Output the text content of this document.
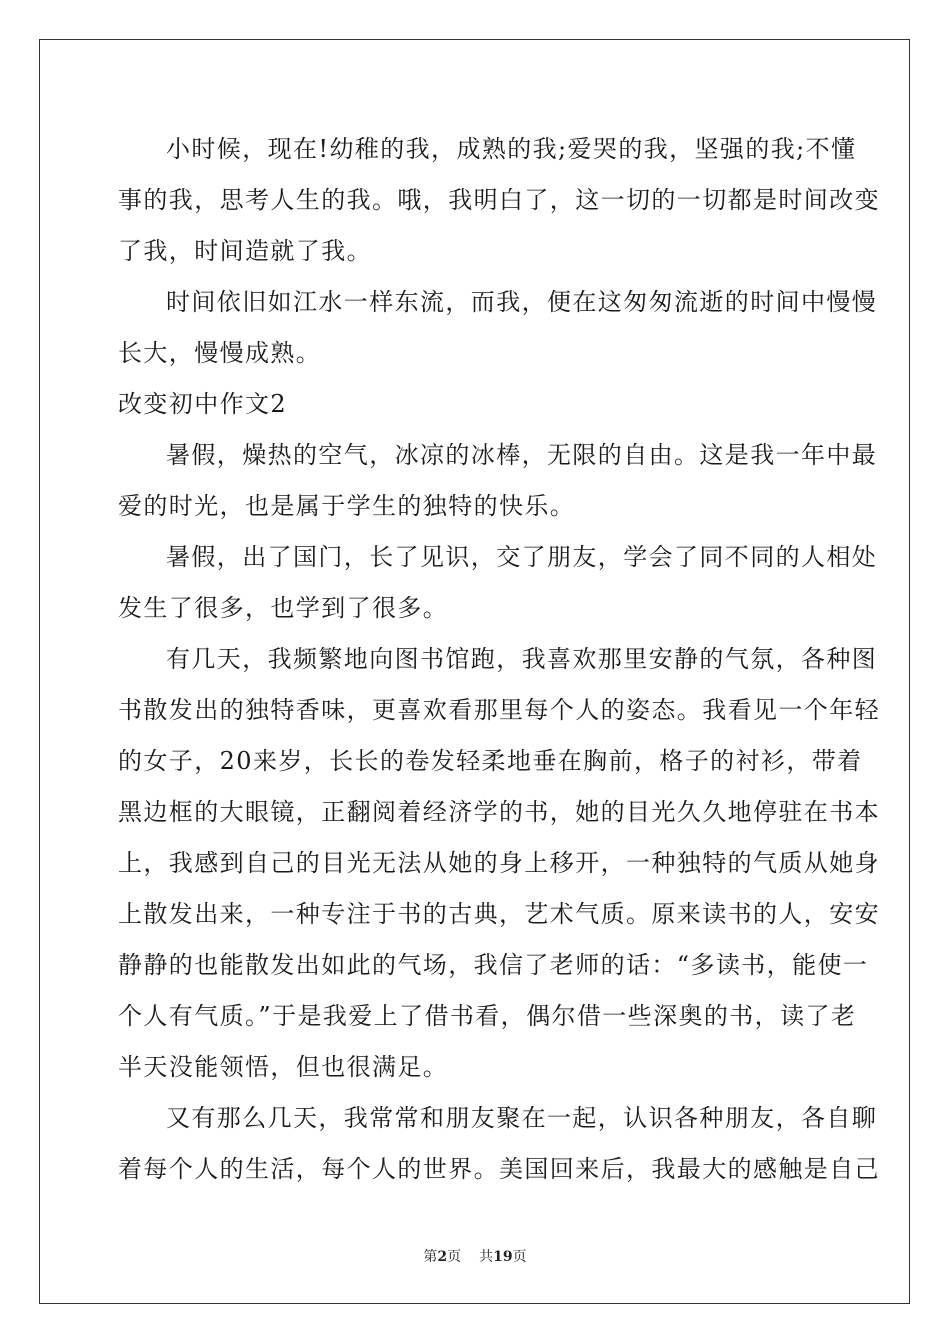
小时候，现在!幼稚的我，成熟的我;爱哭的我，坚强的我;不懂
事的我，思考人生的我。哦，我明白了，这一切的一切都是时间改变
了我，时间造就了我。
时间依旧如江水一样东流，而我，便在这匆匆流逝的时间中慢慢
长大，慢慢成熟。
改变初中作文2
暑假，燥热的空气，冰凉的冰棒，无限的自由。这是我一年中最
爱的时光，也是属于学生的独特的快乐。
暑假，出了国门，长了见识，交了朋友，学会了同不同的人相处
发生了很多，也学到了很多。
有几天，我频繁地向图书馆跑，我喜欢那里安静的气氛，各种图
书散发出的独特香味，更喜欢看那里每个人的姿态。我看见一个年轻
的女子，20来岁，长长的卷发轻柔地垂在胸前，格子的衬衫，带着
黑边框的大眼镜，正翻阅着经济学的书，她的目光久久地停驻在书本
上，我感到自己的目光无法从她的身上移开，一种独特的气质从她身
上散发出来，一种专注于书的古典，艺术气质。原来读书的人，安安
静静的也能散发出如此的气场，我信了老师的话：“多读书，能使一
个人有气质。”于是我爱上了借书看，偶尔借一些深奥的书，读了老
半天没能领悟，但也很满足。
又有那么几天，我常常和朋友聚在一起，认识各种朋友，各自聊
着每个人的生活，每个人的世界。美国回来后，我最大的感触是自己
第2页 共19页
